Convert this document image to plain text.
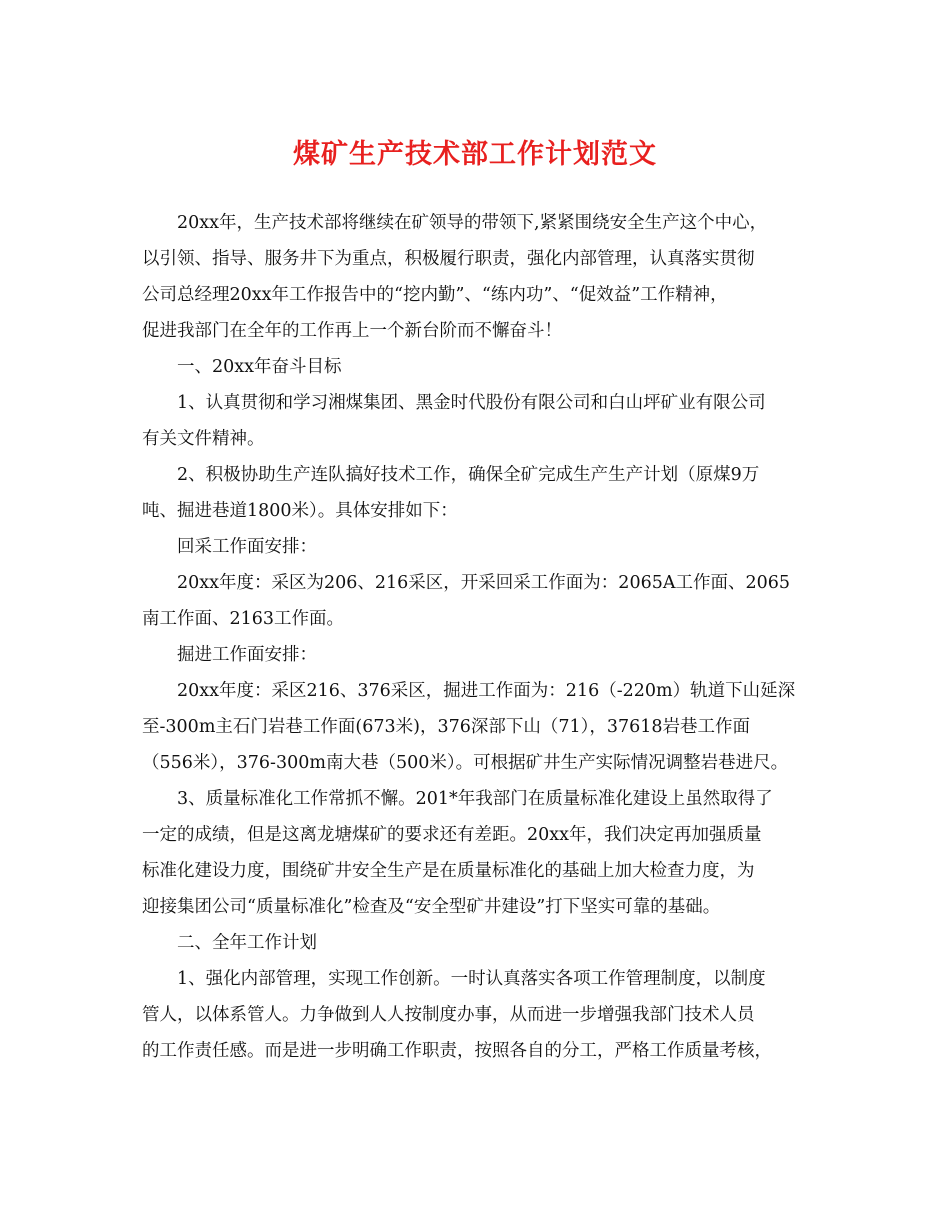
煤矿生产技术部工作计划范文
20xx年，生产技术部将继续在矿领导的带领下,紧紧围绕安全生产这个中心，
以引领、指导、服务井下为重点，积极履行职责，强化内部管理，认真落实贯彻
公司总经理20xx年工作报告中的“挖内勤”、“练内功”、“促效益”工作精神，
促进我部门在全年的工作再上一个新台阶而不懈奋斗！
一、20xx年奋斗目标
1、认真贯彻和学习湘煤集团、黑金时代股份有限公司和白山坪矿业有限公司
有关文件精神。
2、积极协助生产连队搞好技术工作，确保全矿完成生产生产计划（原煤9万
吨、掘进巷道1800米）。具体安排如下：
回采工作面安排：
20xx年度：采区为206、216采区，开采回采工作面为：2065A工作面、2065
南工作面、2163工作面。
掘进工作面安排：
20xx年度：采区216、376采区，掘进工作面为：216（-220m）轨道下山延深
至-300m主石门岩巷工作面(673米)，376深部下山（71），37618岩巷工作面
（556米），376-300m南大巷（500米）。可根据矿井生产实际情况调整岩巷进尺。
3、质量标准化工作常抓不懈。201*年我部门在质量标准化建设上虽然取得了
一定的成绩，但是这离龙塘煤矿的要求还有差距。20xx年，我们决定再加强质量
标准化建设力度，围绕矿井安全生产是在质量标准化的基础上加大检查力度，为
迎接集团公司“质量标准化”检查及“安全型矿井建设”打下坚实可靠的基础。
二、全年工作计划
1、强化内部管理，实现工作创新。一时认真落实各项工作管理制度，以制度
管人，以体系管人。力争做到人人按制度办事，从而进一步增强我部门技术人员
的工作责任感。而是进一步明确工作职责，按照各自的分工，严格工作质量考核，
